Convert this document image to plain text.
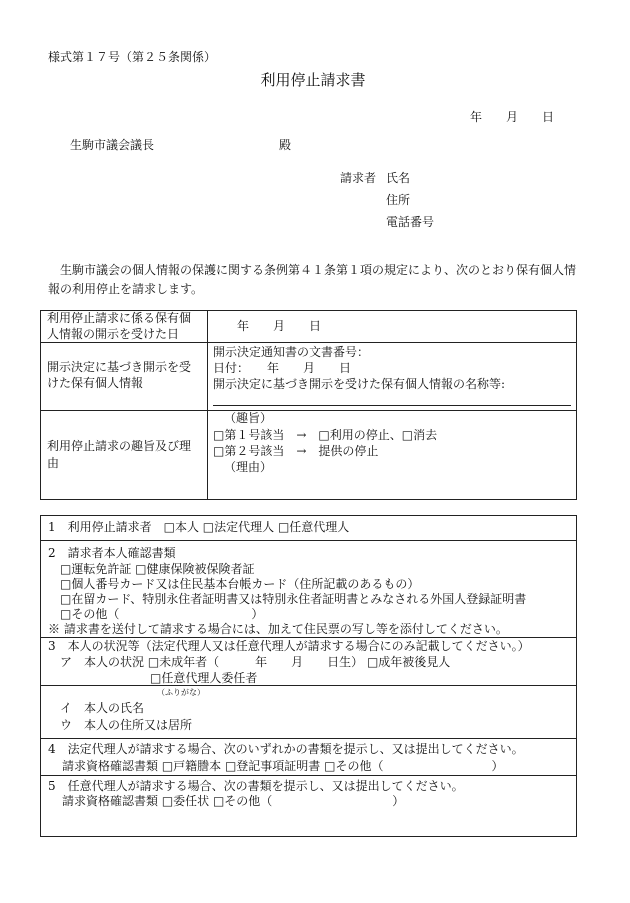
様式第１７号（第２５条関係）
利用停止請求書
年　　月　　日
生駒市議会議長	殿
請求者 氏名
住所
電話番号
　生駒市議会の個人情報の保護に関する条例第４１条第１項の規定により、次のとおり保有個人情
報の利用停止を請求します。
利用停止請求に係る保有個
人情報の開示を受けた日
年　　月　　日
開示決定に基づき開示を受
けた保有個人情報
開示決定通知書の文書番号：
日付：　　年　　月　　日
開示決定に基づき開示を受けた保有個人情報の名称等:
利用停止請求の趣旨及び理
由
（趣旨）
□第１号該当　→　□利用の停止、□消去
□第２号該当　→　提供の停止
（理由）
1　利用停止請求者　□本人 □法定代理人 □任意代理人
2　請求者本人確認書類
□運転免許証 □健康保険被保険者証
□個人番号カード又は住民基本台帳カード（住所記載のあるもの）
□在留カード、特別永住者証明書又は特別永住者証明書とみなされる外国人登録証明書
□その他（　　　　　　　　　　　）
※ 請求書を送付して請求する場合には、加えて住民票の写し等を添付してください。
3　本人の状況等（法定代理人又は任意代理人が請求する場合にのみ記載してください。）
ア　本人の状況 □未成年者（　　　年　　月　　日生） □成年被後見人
□任意代理人委任者
（ふりがな）
イ　本人の氏名
ウ　本人の住所又は居所
4　法定代理人が請求する場合、次のいずれかの書類を提示し、又は提出してください。
請求資格確認書類 □戸籍謄本 □登記事項証明書 □その他（　　　　　　　　　）
5　任意代理人が請求する場合、次の書類を提示し、又は提出してください。
請求資格確認書類 □委任状 □その他（　　　　　　　　　　）
